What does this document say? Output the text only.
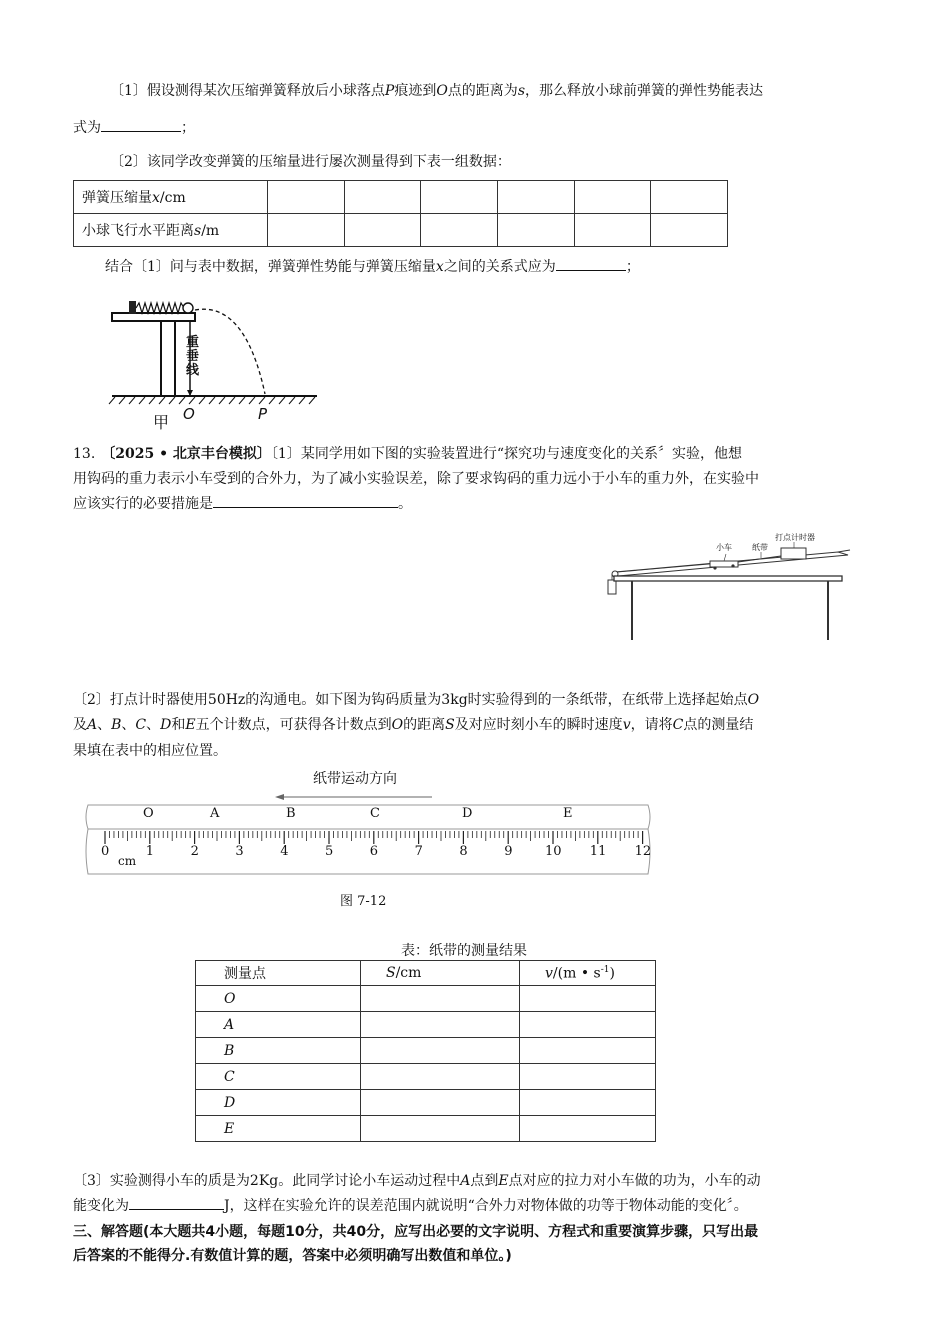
〔1〕假设测得某次压缩弹簧释放后小球落点P痕迹到O点的距离为s，那么释放小球前弹簧的弹性势能表达
式为	；
〔2〕该同学改变弹簧的压缩量进行屡次测量得到下表一组数据：
弹簧压缩量x/cm						
小球飞行水平距离s/m						
结合〔1〕问与表中数据，弹簧弹性势能与弹簧压缩量x之间的关系式应为	；
重垂线
甲 O	P
13. 〔2025 • 北京丰台模拟〕〔1〕某同学用如下图的实验装置进行“探究功与速度变化的关系〞实验，他想
用钩码的重力表示小车受到的合外力，为了减小实验误差，除了要求钩码的重力远小于小车的重力外，在实验中
应该实行的必要措施是	。
小车	纸带
打点计时器
〔2〕打点计时器使用50Hz的沟通电。如下图为钩码质量为3kg时实验得到的一条纸带，在纸带上选择起始点O
及A、B、C、D和E五个计数点，可获得各计数点到O的距离S及对应时刻小车的瞬时速度v，请将C点的测量结
果填在表中的相应位置。
纸带运动方向
O	A	B	C	D	E
0	1	2	3	4	5	6	7	8	9	10 11 12
cm
图 7-12
表：纸带的测量结果
测量点	S/cm	v/(m • $s^{-1}$)
O		
A		
B		
C		
D		
E		
〔3〕实验测得小车的质是为2Kg。此同学讨论小车运动过程中A点到E点对应的拉力对小车做的功为，小车的动
能变化为	J，这样在实验允许的误差范围内就说明“合外力对物体做的功等于物体动能的变化〞。
三、解答题(本大题共4小题，每题10分，共40分，应写出必要的文字说明、方程式和重要演算步骤，只写出最
后答案的不能得分.有数值计算的题，答案中必须明确写出数值和单位。)
